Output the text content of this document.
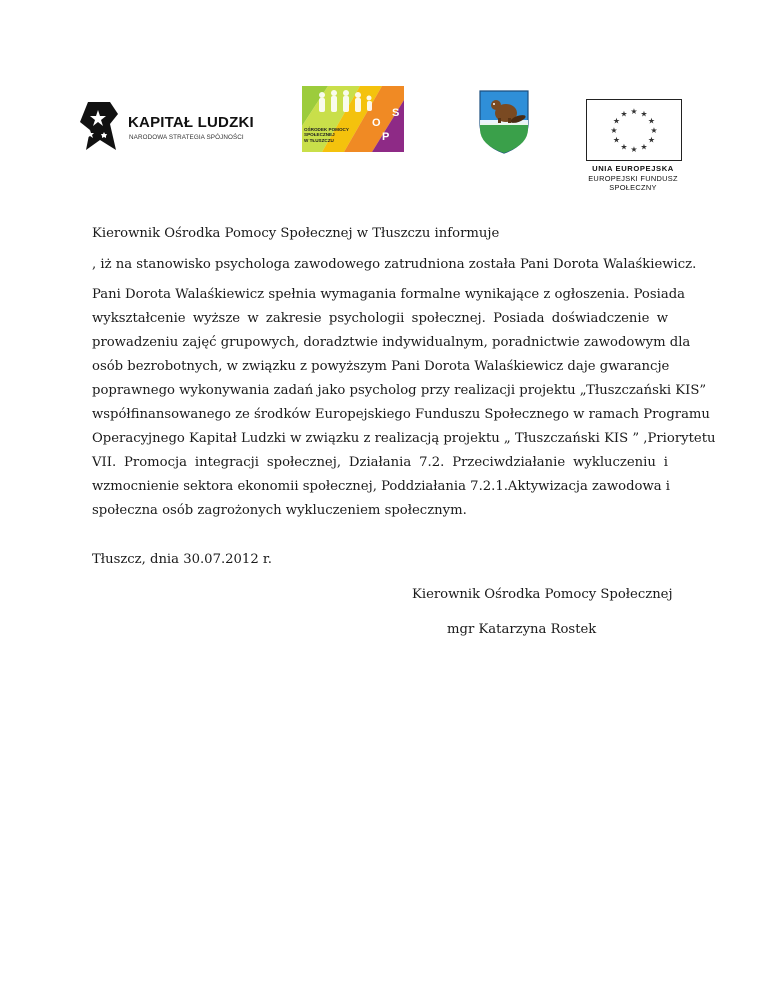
KAPITAŁ LUDZKI
NARODOWA STRATEGIA SPÓJNOŚCI
O
P
S
OŚRODEK POMOCY
SPOŁECZNEJ
W TŁUSZCZU
★ ★
★
★
★
★
★
★
★
★
★
★
UNIA EUROPEJSKA
EUROPEJSKI FUNDUSZ
SPOŁECZNY
Kierownik Ośrodka Pomocy Społecznej w Tłuszczu informuje
, iż na stanowisko psychologa zawodowego zatrudniona została Pani Dorota Walaśkiewicz.
Pani Dorota Walaśkiewicz spełnia wymagania formalne wynikające z ogłoszenia. Posiada
wykształcenie wyższe w zakresie psychologii społecznej. Posiada doświadczenie w
prowadzeniu zajęć grupowych, doradztwie indywidualnym, poradnictwie zawodowym dla
osób bezrobotnych, w związku z powyższym Pani Dorota Walaśkiewicz daje gwarancje
poprawnego wykonywania zadań jako psycholog przy realizacji projektu „Tłuszczański KIS”
współfinansowanego ze środków Europejskiego Funduszu Społecznego w ramach Programu
Operacyjnego Kapitał Ludzki w związku z realizacją projektu „ Tłuszczański KIS ” ,Priorytetu
VII. Promocja integracji społecznej, Działania 7.2. Przeciwdziałanie wykluczeniu i
wzmocnienie sektora ekonomii społecznej, Poddziałania 7.2.1.Aktywizacja zawodowa i
społeczna osób zagrożonych wykluczeniem społecznym.
Tłuszcz, dnia 30.07.2012 r.
Kierownik Ośrodka Pomocy Społecznej
mgr Katarzyna Rostek
